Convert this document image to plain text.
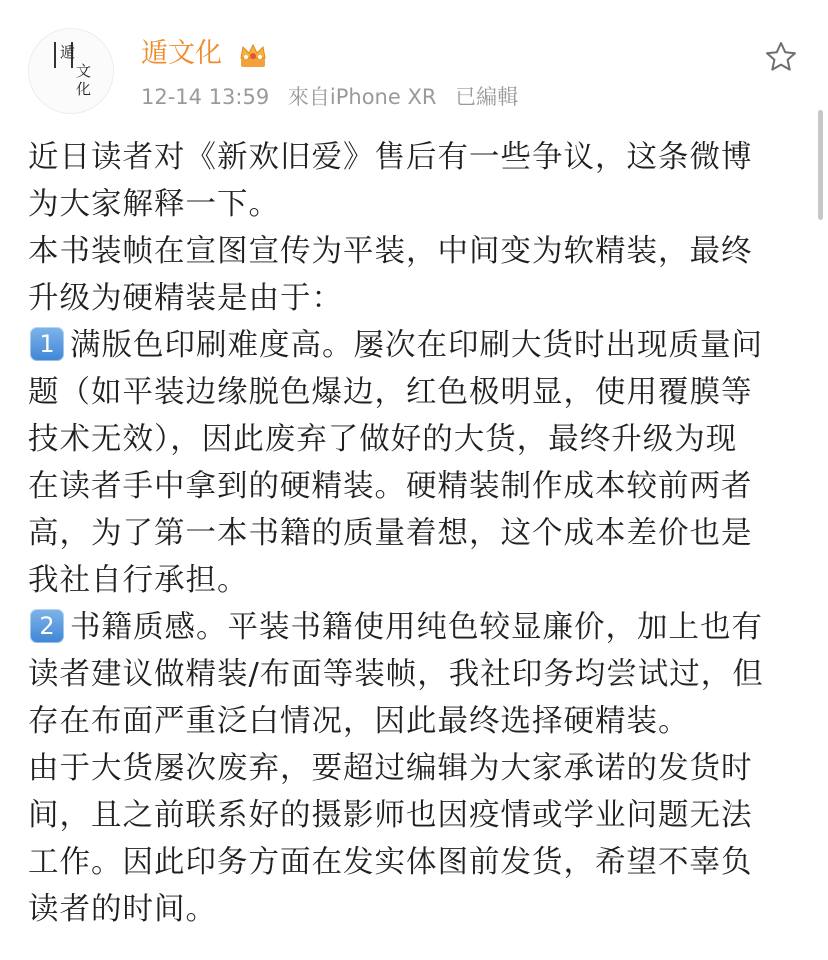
遁
文
化
遁文化
12-14 13:59 來自iPhone XR 已編輯
近日读者对《新欢旧爱》售后有一些争议，这条微博
为大家解释一下。
本书装帧在宣图宣传为平装，中间变为软精装，最终
升级为硬精装是由于：
1 满版色印刷难度高。屡次在印刷大货时出现质量问
题（如平装边缘脱色爆边，红色极明显，使用覆膜等
技术无效），因此废弃了做好的大货，最终升级为现
在读者手中拿到的硬精装。硬精装制作成本较前两者
高，为了第一本书籍的质量着想，这个成本差价也是
我社自行承担。
2 书籍质感。平装书籍使用纯色较显廉价，加上也有
读者建议做精装/布面等装帧，我社印务均尝试过，但
存在布面严重泛白情况，因此最终选择硬精装。
由于大货屡次废弃，要超过编辑为大家承诺的发货时
间，且之前联系好的摄影师也因疫情或学业问题无法
工作。因此印务方面在发实体图前发货，希望不辜负
读者的时间。
